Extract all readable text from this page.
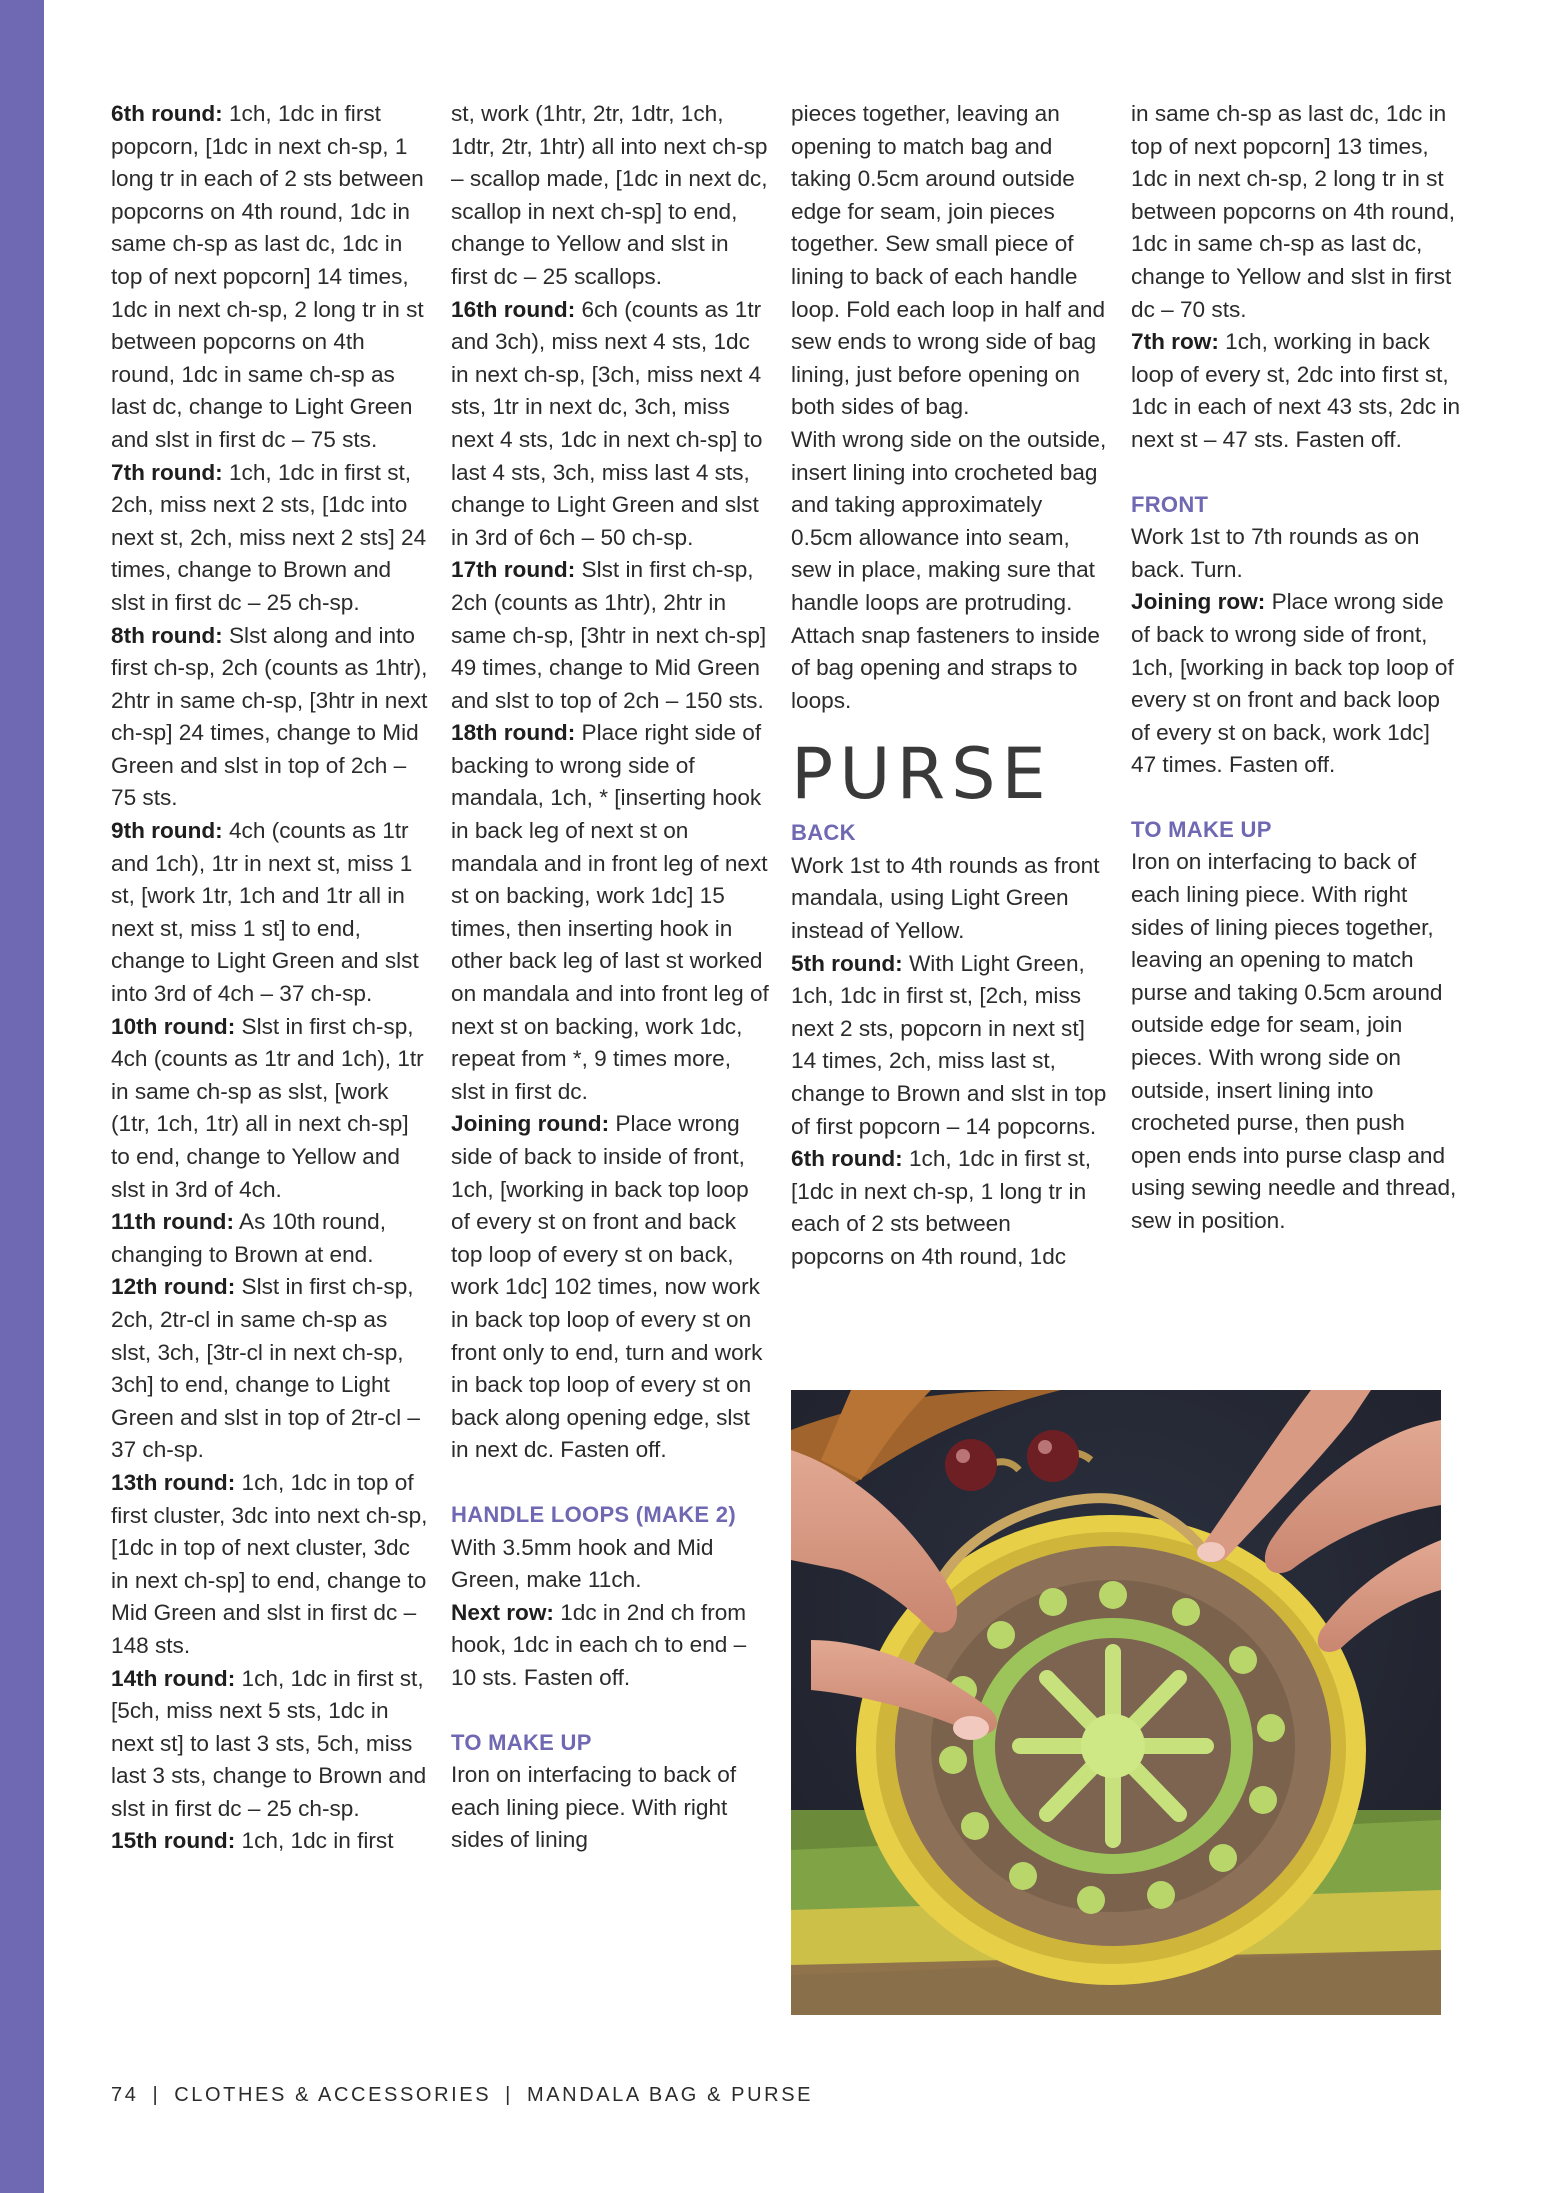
6th round: 1ch, 1dc in first popcorn, [1dc in next ch-sp, 1 long tr in each of 2 sts between popcorns on 4th round, 1dc in same ch-sp as last dc, 1dc in top of next popcorn] 14 times, 1dc in next ch-sp, 2 long tr in st between popcorns on 4th round, 1dc in same ch-sp as last dc, change to Light Green and slst in first dc – 75 sts.

7th round: 1ch, 1dc in first st, 2ch, miss next 2 sts, [1dc into next st, 2ch, miss next 2 sts] 24 times, change to Brown and slst in first dc – 25 ch-sp.

8th round: Slst along and into first ch-sp, 2ch (counts as 1htr), 2htr in same ch-sp, [3htr in next ch-sp] 24 times, change to Mid Green and slst in top of 2ch – 75 sts.

9th round: 4ch (counts as 1tr and 1ch), 1tr in next st, miss 1 st, [work 1tr, 1ch and 1tr all in next st, miss 1 st] to end, change to Light Green and slst into 3rd of 4ch – 37 ch-sp.

10th round: Slst in first ch-sp, 4ch (counts as 1tr and 1ch), 1tr in same ch-sp as slst, [work (1tr, 1ch, 1tr) all in next ch-sp] to end, change to Yellow and slst in 3rd of 4ch.

11th round: As 10th round, changing to Brown at end.

12th round: Slst in first ch-sp, 2ch, 2tr-cl in same ch-sp as slst, 3ch, [3tr-cl in next ch-sp, 3ch] to end, change to Light Green and slst in top of 2tr-cl – 37 ch-sp.

13th round: 1ch, 1dc in top of first cluster, 3dc into next ch-sp, [1dc in top of next cluster, 3dc in next ch-sp] to end, change to Mid Green and slst in first dc – 148 sts.

14th round: 1ch, 1dc in first st, [5ch, miss next 5 sts, 1dc in next st] to last 3 sts, 5ch, miss last 3 sts, change to Brown and slst in first dc – 25 ch-sp.

15th round: 1ch, 1dc in first

st, work (1htr, 2tr, 1dtr, 1ch, 1dtr, 2tr, 1htr) all into next ch-sp – scallop made, [1dc in next dc, scallop in next ch-sp] to end, change to Yellow and slst in first dc – 25 scallops.

16th round: 6ch (counts as 1tr and 3ch), miss next 4 sts, 1dc in next ch-sp, [3ch, miss next 4 sts, 1tr in next dc, 3ch, miss next 4 sts, 1dc in next ch-sp] to last 4 sts, 3ch, miss last 4 sts, change to Light Green and slst in 3rd of 6ch – 50 ch-sp.

17th round: Slst in first ch-sp, 2ch (counts as 1htr), 2htr in same ch-sp, [3htr in next ch-sp] 49 times, change to Mid Green and slst to top of 2ch – 150 sts.

18th round: Place right side of backing to wrong side of mandala, 1ch, * [inserting hook in back leg of next st on mandala and in front leg of next st on backing, work 1dc] 15 times, then inserting hook in other back leg of last st worked on mandala and into front leg of next st on backing, work 1dc, repeat from *, 9 times more, slst in first dc.

Joining round: Place wrong side of back to inside of front, 1ch, [working in back top loop of every st on front and back top loop of every st on back, work 1dc] 102 times, now work in back top loop of every st on front only to end, turn and work in back top loop of every st on back along opening edge, slst in next dc. Fasten off.

HANDLE LOOPS (MAKE 2)

With 3.5mm hook and Mid Green, make 11ch.

Next row: 1dc in 2nd ch from hook, 1dc in each ch to end – 10 sts. Fasten off.

TO MAKE UP

Iron on interfacing to back of each lining piece. With right sides of lining

pieces together, leaving an opening to match bag and taking 0.5cm around outside edge for seam, join pieces together. Sew small piece of lining to back of each handle loop. Fold each loop in half and sew ends to wrong side of bag lining, just before opening on both sides of bag.

With wrong side on the outside, insert lining into crocheted bag and taking approximately 0.5cm allowance into seam, sew in place, making sure that handle loops are protruding. Attach snap fasteners to inside of bag opening and straps to loops.

PURSE
BACK

Work 1st to 4th rounds as front mandala, using Light Green instead of Yellow.

5th round: With Light Green, 1ch, 1dc in first st, [2ch, miss next 2 sts, popcorn in next st] 14 times, 2ch, miss last st, change to Brown and slst in top of first popcorn – 14 popcorns.

6th round: 1ch, 1dc in first st, [1dc in next ch-sp, 1 long tr in each of 2 sts between popcorns on 4th round, 1dc

in same ch-sp as last dc, 1dc in top of next popcorn] 13 times, 1dc in next ch-sp, 2 long tr in st between popcorns on 4th round, 1dc in same ch-sp as last dc, change to Yellow and slst in first dc – 70 sts.

7th row: 1ch, working in back loop of every st, 2dc into first st, 1dc in each of next 43 sts, 2dc in next st – 47 sts. Fasten off.

FRONT

Work 1st to 7th rounds as on back. Turn.

Joining row: Place wrong side of back to wrong side of front, 1ch, [working in back top loop of every st on front and back loop of every st on back, work 1dc] 47 times. Fasten off.

TO MAKE UP

Iron on interfacing to back of each lining piece. With right sides of lining pieces together, leaving an opening to match purse and taking 0.5cm around outside edge for seam, join pieces. With wrong side on outside, insert lining into crocheted purse, then push open ends into purse clasp and using sewing needle and thread, sew in position.

74 | CLOTHES & ACCESSORIES | MANDALA BAG & PURSE
